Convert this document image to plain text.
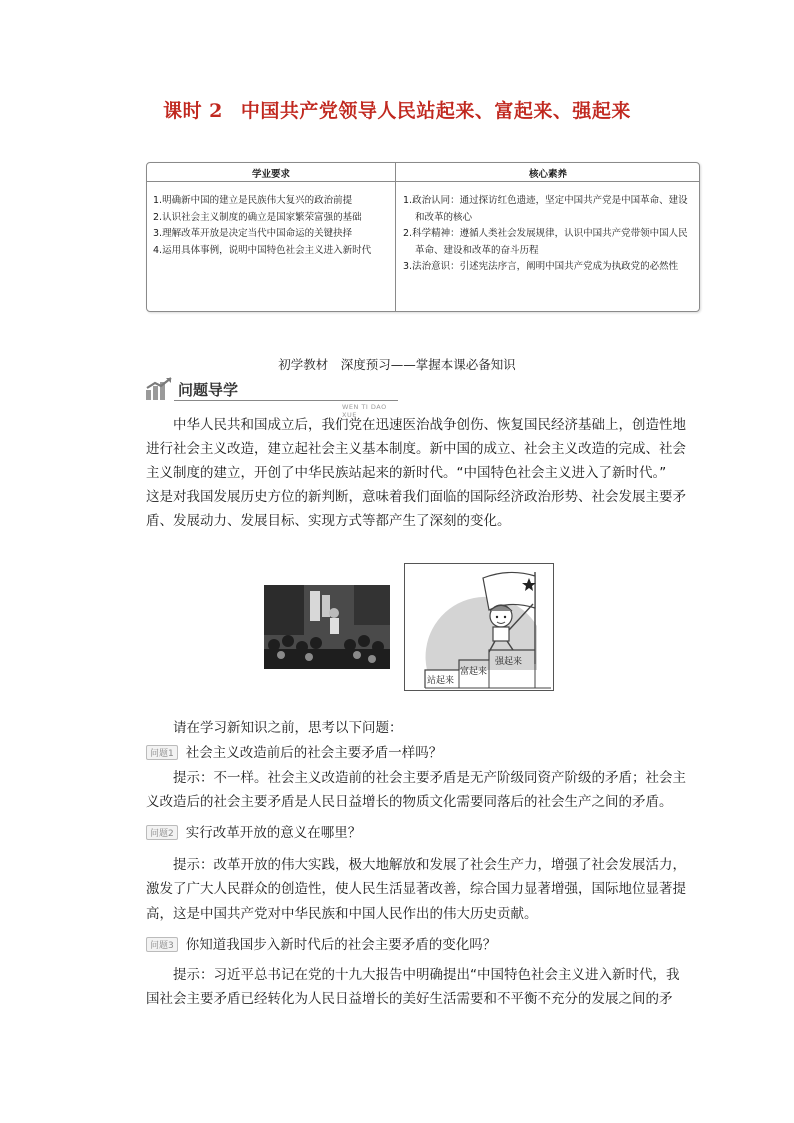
课时 2 中国共产党领导人民站起来、富起来、强起来
学业要求	核心素养
1.明确新中国的建立是民族伟大复兴的政治前提
2.认识社会主义制度的确立是国家繁荣富强的基础
3.理解改革开放是决定当代中国命运的关键抉择
4.运用具体事例，说明中国特色社会主义进入新时代
1.政治认同：通过探访红色遗迹，坚定中国共产党是中国革命、建设和改革的核心
2.科学精神：遵循人类社会发展规律，认识中国共产党带领中国人民革命、建设和改革的奋斗历程
3.法治意识：引述宪法序言，阐明中国共产党成为执政党的必然性
初学教材　深度预习——掌握本课必备知识
问题导学
WEN TI DAO XUE
中华人民共和国成立后，我们党在迅速医治战争创伤、恢复国民经济基础上，创造性地
进行社会主义改造，建立起社会主义基本制度。新中国的成立、社会主义改造的完成、社会
主义制度的建立，开创了中华民族站起来的新时代。“中国特色社会主义进入了新时代。”
这是对我国发展历史方位的新判断，意味着我们面临的国际经济政治形势、社会发展主要矛
盾、发展动力、发展目标、实现方式等都产生了深刻的变化。
站起来
富起来
强起来
请在学习新知识之前，思考以下问题：
问题1 社会主义改造前后的社会主要矛盾一样吗？
提示：不一样。社会主义改造前的社会主要矛盾是无产阶级同资产阶级的矛盾；社会主
义改造后的社会主要矛盾是人民日益增长的物质文化需要同落后的社会生产之间的矛盾。
问题2 实行改革开放的意义在哪里？
提示：改革开放的伟大实践，极大地解放和发展了社会生产力，增强了社会发展活力，
激发了广大人民群众的创造性，使人民生活显著改善，综合国力显著增强，国际地位显著提
高，这是中国共产党对中华民族和中国人民作出的伟大历史贡献。
问题3 你知道我国步入新时代后的社会主要矛盾的变化吗？
提示：习近平总书记在党的十九大报告中明确提出“中国特色社会主义进入新时代，我
国社会主要矛盾已经转化为人民日益增长的美好生活需要和不平衡不充分的发展之间的矛
